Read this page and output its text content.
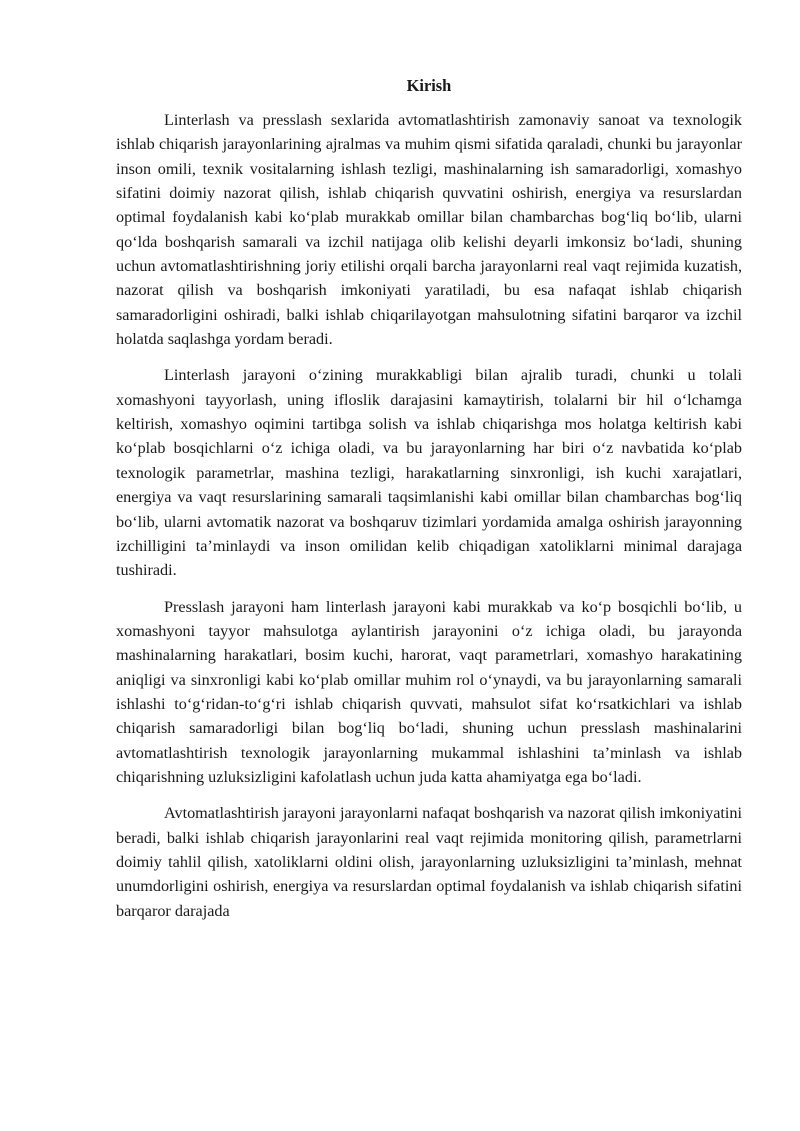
Kirish

Linterlash va presslash sexlarida avtomatlashtirish zamonaviy sanoat va texnologik ishlab chiqarish jarayonlarining ajralmas va muhim qismi sifatida qaraladi, chunki bu jarayonlar inson omili, texnik vositalarning ishlash tezligi, mashinalarning ish samaradorligi, xomashyo sifatini doimiy nazorat qilish, ishlab chiqarish quvvatini oshirish, energiya va resurslardan optimal foydalanish kabi ko‘plab murakkab omillar bilan chambarchas bog‘liq bo‘lib, ularni qo‘lda boshqarish samarali va izchil natijaga olib kelishi deyarli imkonsiz bo‘ladi, shuning uchun avtomatlashtirishning joriy etilishi orqali barcha jarayonlarni real vaqt rejimida kuzatish, nazorat qilish va boshqarish imkoniyati yaratiladi, bu esa nafaqat ishlab chiqarish samaradorligini oshiradi, balki ishlab chiqarilayotgan mahsulotning sifatini barqaror va izchil holatda saqlashga yordam beradi.

Linterlash jarayoni o‘zining murakkabligi bilan ajralib turadi, chunki u tolali xomashyoni tayyorlash, uning ifloslik darajasini kamaytirish, tolalarni bir hil o‘lchamga keltirish, xomashyo oqimini tartibga solish va ishlab chiqarishga mos holatga keltirish kabi ko‘plab bosqichlarni o‘z ichiga oladi, va bu jarayonlarning har biri o‘z navbatida ko‘plab texnologik parametrlar, mashina tezligi, harakatlarning sinxronligi, ish kuchi xarajatlari, energiya va vaqt resurslarining samarali taqsimlanishi kabi omillar bilan chambarchas bog‘liq bo‘lib, ularni avtomatik nazorat va boshqaruv tizimlari yordamida amalga oshirish jarayonning izchilligini ta’minlaydi va inson omilidan kelib chiqadigan xatoliklarni minimal darajaga tushiradi.

Presslash jarayoni ham linterlash jarayoni kabi murakkab va ko‘p bosqichli bo‘lib, u xomashyoni tayyor mahsulotga aylantirish jarayonini o‘z ichiga oladi, bu jarayonda mashinalarning harakatlari, bosim kuchi, harorat, vaqt parametrlari, xomashyo harakatining aniqligi va sinxronligi kabi ko‘plab omillar muhim rol o‘ynaydi, va bu jarayonlarning samarali ishlashi to‘g‘ridan-to‘g‘ri ishlab chiqarish quvvati, mahsulot sifat ko‘rsatkichlari va ishlab chiqarish samaradorligi bilan bog‘liq bo‘ladi, shuning uchun presslash mashinalarini avtomatlashtirish texnologik jarayonlarning mukammal ishlashini ta’minlash va ishlab chiqarishning uzluksizligini kafolatlash uchun juda katta ahamiyatga ega bo‘ladi.

Avtomatlashtirish jarayoni jarayonlarni nafaqat boshqarish va nazorat qilish imkoniyatini beradi, balki ishlab chiqarish jarayonlarini real vaqt rejimida monitoring qilish, parametrlarni doimiy tahlil qilish, xatoliklarni oldini olish, jarayonlarning uzluksizligini ta’minlash, mehnat unumdorligini oshirish, energiya va resurslardan optimal foydalanish va ishlab chiqarish sifatini barqaror darajada
